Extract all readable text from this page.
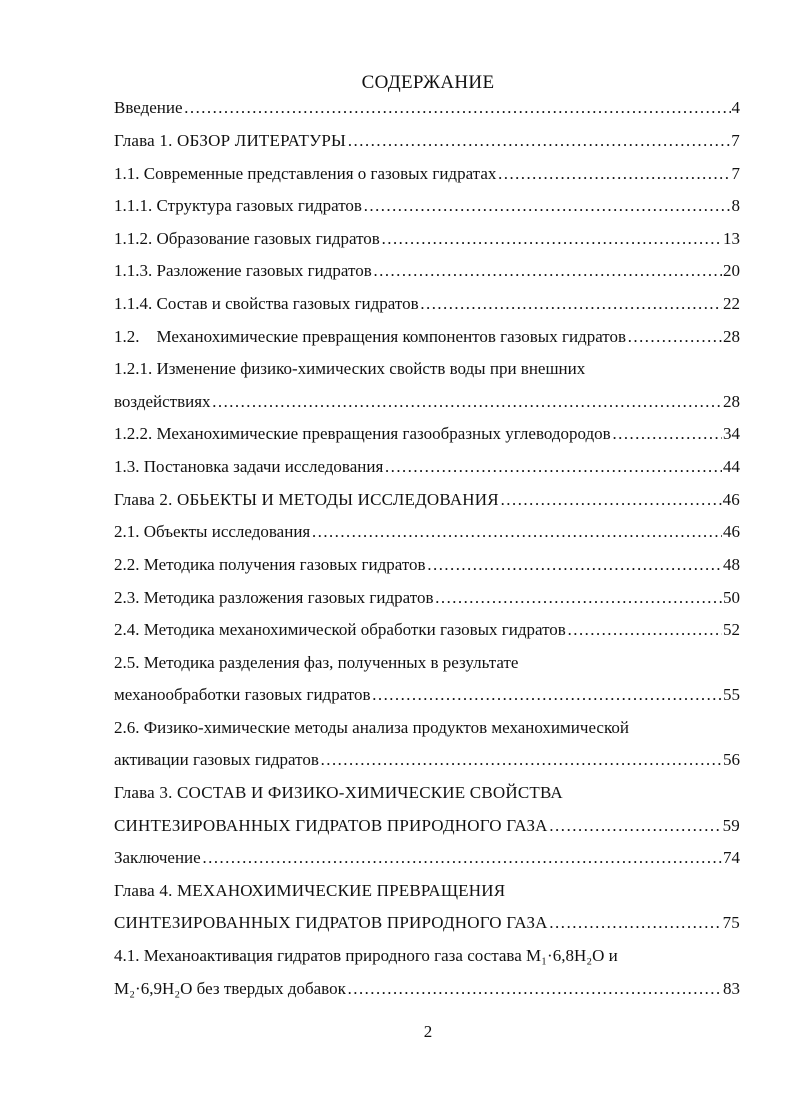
СОДЕРЖАНИЕ
Введение ………………………………………………………………………………………………………………………………………………………………………	4
Глава 1. ОБЗОР ЛИТЕРАТУРЫ ………………………………………………………………………………………………………………………………………………………………………	7
1.1. Современные представления о газовых гидратах ………………………………………………………………………………………………………………………………………………………………………	7
1.1.1. Структура газовых гидратов ………………………………………………………………………………………………………………………………………………………………………	8
1.1.2. Образование газовых гидратов ………………………………………………………………………………………………………………………………………………………………………	13
1.1.3. Разложение газовых гидратов ………………………………………………………………………………………………………………………………………………………………………	20
1.1.4. Состав и свойства газовых гидратов ………………………………………………………………………………………………………………………………………………………………………	22
1.2.    Механохимические превращения компонентов газовых гидратов ………………………………………………………………………………………………………………………………………………………………………	28
1.2.1. Изменение физико-химических свойств воды при внешних
воздействиях ………………………………………………………………………………………………………………………………………………………………………	28
1.2.2. Механохимические превращения газообразных углеводородов ………………………………………………………………………………………………………………………………………………………………………	34
1.3. Постановка задачи исследования ………………………………………………………………………………………………………………………………………………………………………	44
Глава 2. ОБЬЕКТЫ И МЕТОДЫ ИССЛЕДОВАНИЯ ………………………………………………………………………………………………………………………………………………………………………	46
2.1. Объекты исследования ………………………………………………………………………………………………………………………………………………………………………	46
2.2. Методика получения газовых гидратов ………………………………………………………………………………………………………………………………………………………………………	48
2.3. Методика разложения газовых гидратов ………………………………………………………………………………………………………………………………………………………………………	50
2.4. Методика механохимической обработки газовых гидратов ………………………………………………………………………………………………………………………………………………………………………	52
2.5. Методика разделения фаз, полученных в результате
механообработки газовых гидратов ………………………………………………………………………………………………………………………………………………………………………	55
2.6. Физико-химические методы анализа продуктов механохимической
активации газовых гидратов ………………………………………………………………………………………………………………………………………………………………………	56
Глава 3. СОСТАВ И ФИЗИКО-ХИМИЧЕСКИЕ СВОЙСТВА
СИНТЕЗИРОВАННЫХ ГИДРАТОВ ПРИРОДНОГО ГАЗА ………………………………………………………………………………………………………………………………………………………………………	59
Заключение ………………………………………………………………………………………………………………………………………………………………………	74
Глава 4. МЕХАНОХИМИЧЕСКИЕ ПРЕВРАЩЕНИЯ
СИНТЕЗИРОВАННЫХ ГИДРАТОВ ПРИРОДНОГО ГАЗА ………………………………………………………………………………………………………………………………………………………………………	75
4.1. Механоактивация гидратов природного газа состава M₁·6,8H₂O и
M₂·6,9H₂O без твердых добавок ………………………………………………………………………………………………………………………………………………………………………	83
2
